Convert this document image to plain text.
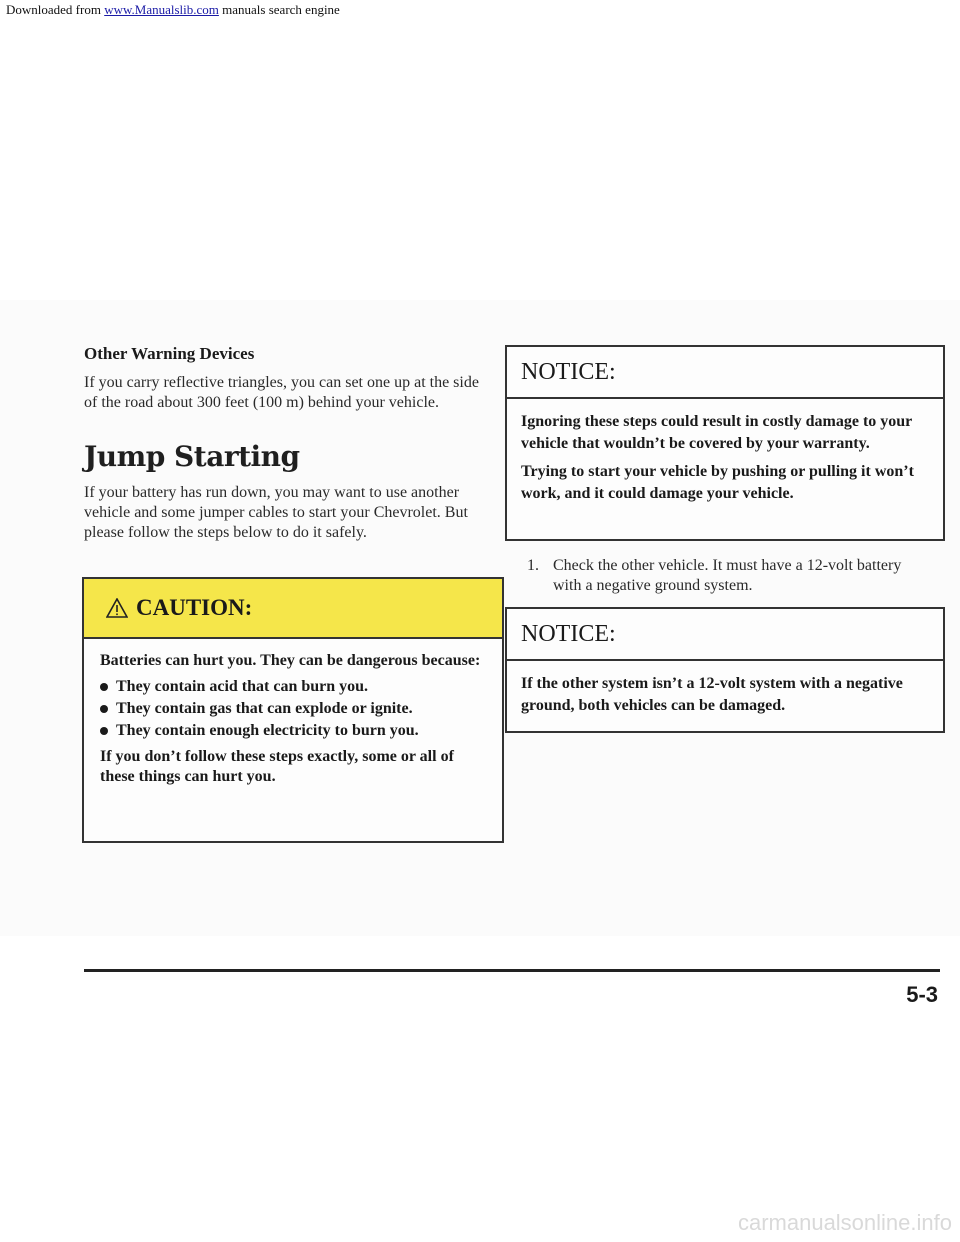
Downloaded from www.Manualslib.com manuals search engine
Other Warning Devices
If you carry reflective triangles, you can set one up at the side of the road about 300 feet (100 m) behind your vehicle.
Jump Starting
If your battery has run down, you may want to use another vehicle and some jumper cables to start your Chevrolet. But please follow the steps below to do it safely.
CAUTION:

Batteries can hurt you. They can be dangerous because:

They contain acid that can burn you.
They contain gas that can explode or ignite.
They contain enough electricity to burn you.

If you don’t follow these steps exactly, some or all of these things can hurt you.

NOTICE:

Ignoring these steps could result in costly damage to your vehicle that wouldn’t be covered by your warranty.

Trying to start your vehicle by pushing or pulling it won’t work, and it could damage your vehicle.

1. Check the other vehicle. It must have a 12-volt battery with a negative ground system.
NOTICE:

If the other system isn’t a 12-volt system with a negative ground, both vehicles can be damaged.

5-3
carmanualsonline.info
